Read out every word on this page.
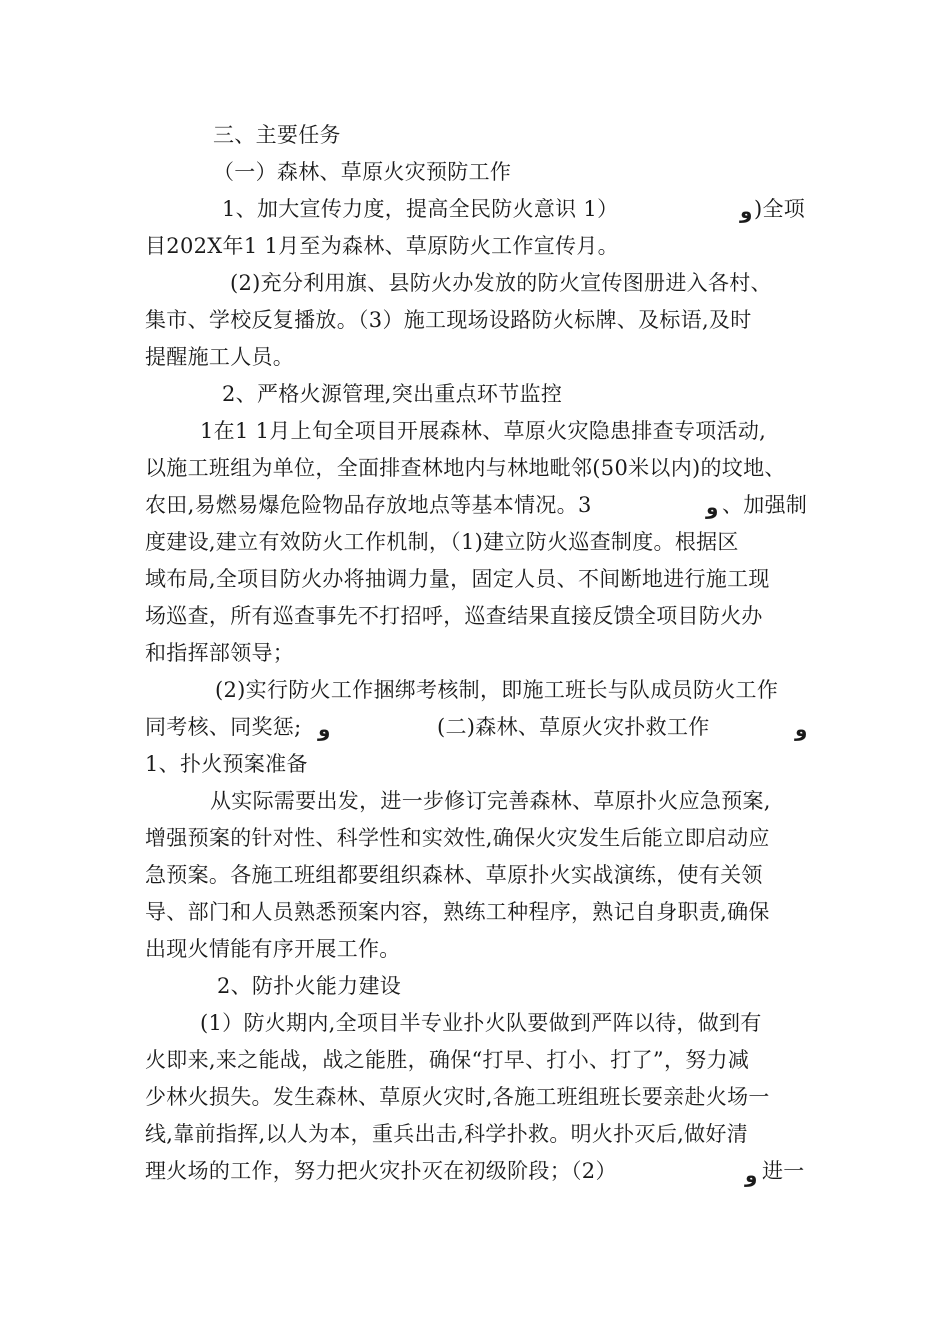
三、主要任务
（一）森林、草原火灾预防工作
1、加大宣传力度，提高全民防火意识 1）	و )全项
目202X年1 1月至为森林、草原防火工作宣传月。
(2)充分利用旗、县防火办发放的防火宣传图册进入各村、
集市、学校反复播放。（3）施工现场设路防火标牌、及标语,及时
提醒施工人员。
2、严格火源管理,突出重点环节监控
1在1 1月上旬全项目开展森林、草原火灾隐患排查专项活动,
以施工班组为单位，全面排查林地内与林地毗邻(50米以内)的坟地、
农田,易燃易爆危险物品存放地点等基本情况。3	و 、加强制
度建设,建立有效防火工作机制，（1)建立防火巡查制度。根据区
域布局,全项目防火办将抽调力量，固定人员、不间断地进行施工现
场巡查，所有巡查事先不打招呼，巡查结果直接反馈全项目防火办
和指挥部领导；
(2)实行防火工作捆绑考核制，即施工班长与队成员防火工作
同考核、同奖惩; و	(二)森林、草原火灾扑救工作	و
1、扑火预案准备
从实际需要出发，进一步修订完善森林、草原扑火应急预案,
增强预案的针对性、科学性和实效性,确保火灾发生后能立即启动应
急预案。各施工班组都要组织森林、草原扑火实战演练，使有关领
导、部门和人员熟悉预案内容，熟练工种程序，熟记自身职责,确保
出现火情能有序开展工作。
2、防扑火能力建设
(1）防火期内,全项目半专业扑火队要做到严阵以待，做到有
火即来,来之能战，战之能胜，确保“打早、打小、打了”，努力减
少林火损失。发生森林、草原火灾时,各施工班组班长要亲赴火场一
线,靠前指挥,以人为本，重兵出击,科学扑救。明火扑灭后,做好清
理火场的工作，努力把火灾扑灭在初级阶段；（2）	و 进一
